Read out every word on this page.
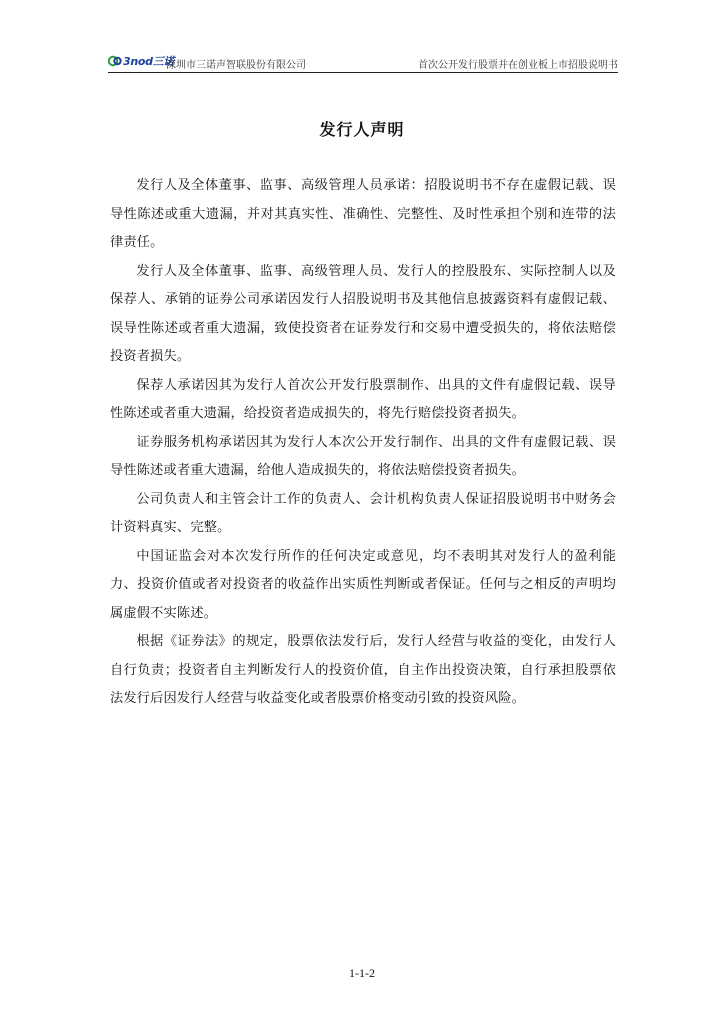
3nod三诺
深圳市三诺声智联股份有限公司	首次公开发行股票并在创业板上市招股说明书
发行人声明

发行人及全体董事、监事、高级管理人员承诺：招股说明书不存在虚假记载、误导性陈述或重大遗漏，并对其真实性、准确性、完整性、及时性承担个别和连带的法律责任。

发行人及全体董事、监事、高级管理人员、发行人的控股股东、实际控制人以及保荐人、承销的证券公司承诺因发行人招股说明书及其他信息披露资料有虚假记载、误导性陈述或者重大遗漏，致使投资者在证券发行和交易中遭受损失的，将依法赔偿投资者损失。

保荐人承诺因其为发行人首次公开发行股票制作、出具的文件有虚假记载、误导性陈述或者重大遗漏，给投资者造成损失的，将先行赔偿投资者损失。

证券服务机构承诺因其为发行人本次公开发行制作、出具的文件有虚假记载、误导性陈述或者重大遗漏，给他人造成损失的，将依法赔偿投资者损失。

公司负责人和主管会计工作的负责人、会计机构负责人保证招股说明书中财务会计资料真实、完整。

中国证监会对本次发行所作的任何决定或意见，均不表明其对发行人的盈利能力、投资价值或者对投资者的收益作出实质性判断或者保证。任何与之相反的声明均属虚假不实陈述。

根据《证券法》的规定，股票依法发行后，发行人经营与收益的变化，由发行人自行负责；投资者自主判断发行人的投资价值，自主作出投资决策，自行承担股票依法发行后因发行人经营与收益变化或者股票价格变动引致的投资风险。

1-1-2
